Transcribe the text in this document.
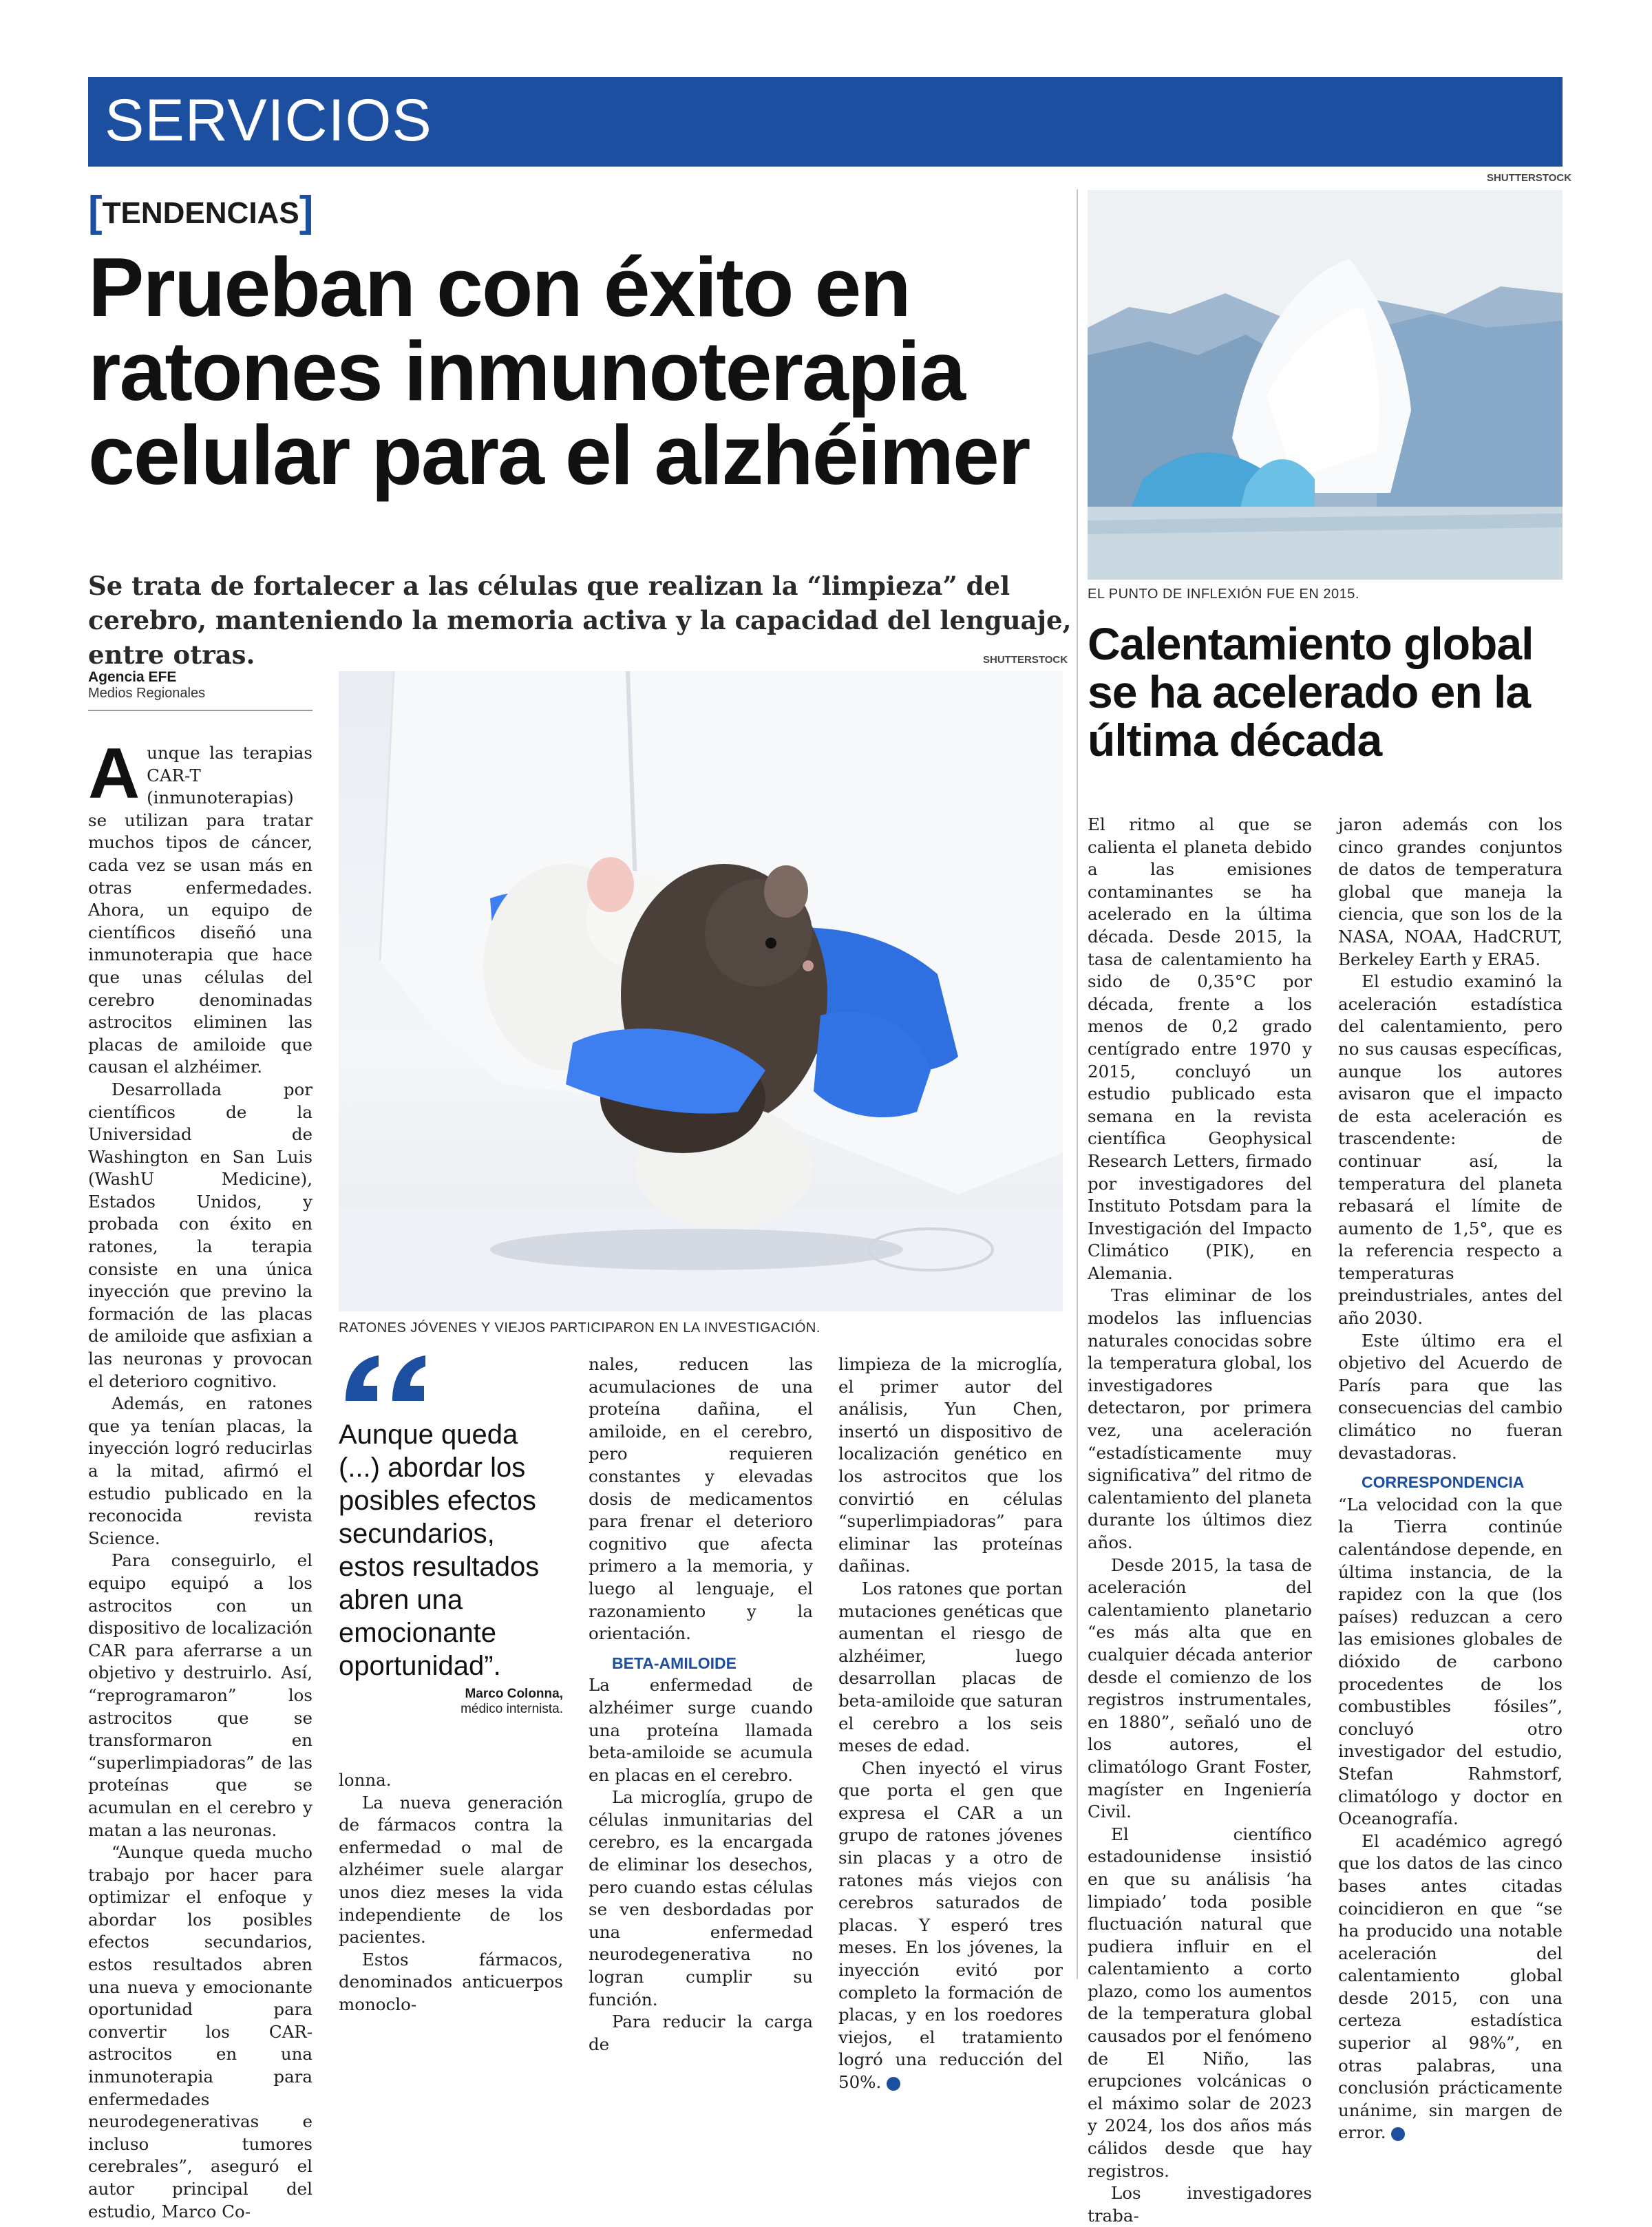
SERVICIOS
[TENDENCIAS]
Prueban con éxito en ratones inmunoterapia celular para el alzhéimer
Se trata de fortalecer a las células que realizan la “limpieza” del cerebro, manteniendo la memoria activa y la capacidad del lenguaje, entre otras.	SHUTTERSTOCK
Agencia EFE
Medios Regionales

Aunque las terapias CAR-T (inmunoterapias) se utilizan para tratar muchos tipos de cáncer, cada vez se usan más en otras enfermedades. Ahora, un equipo de científicos diseñó una inmunoterapia que hace que unas células del cerebro denominadas astrocitos eliminen las placas de amiloide que causan el alzhéimer.

Desarrollada por científicos de la Universidad de Washington en San Luis (WashU Medicine), Estados Unidos, y probada con éxito en ratones, la terapia consiste en una única inyección que previno la formación de las placas de amiloide que asfixian a las neuronas y provocan el deterioro cognitivo.

Además, en ratones que ya tenían placas, la inyección logró reducirlas a la mitad, afirmó el estudio publicado en la reconocida revista Science.

Para conseguirlo, el equipo equipó a los astrocitos con un dispositivo de localización CAR para aferrarse a un objetivo y destruirlo. Así, “reprogramaron” los astrocitos que se transformaron en “superlimpiadoras” de las proteínas que se acumulan en el cerebro y matan a las neuronas.

“Aunque queda mucho trabajo por hacer para optimizar el enfoque y abordar los posibles efectos secundarios, estos resultados abren una nueva y emocionante oportunidad para convertir los CAR-astrocitos en una inmunoterapia para enfermedades neurodegenerativas e incluso tumores cerebrales”, aseguró el autor principal del estudio, Marco Co-

RATONES JÓVENES Y VIEJOS PARTICIPARON EN LA INVESTIGACIÓN.
Aunque queda (...) abordar los posibles efectos secundarios, estos resultados abren una emocionante oportunidad”.
Marco Colonna,
médico internista.

lonna.

La nueva generación de fármacos contra la enfermedad o mal de alzhéimer suele alargar unos diez meses la vida independiente de los pacientes.

Estos fármacos, denominados anticuerpos monoclo-

nales, reducen las acumulaciones de una proteína dañina, el amiloide, en el cerebro, pero requieren constantes y elevadas dosis de medicamentos para frenar el deterioro cognitivo que afecta primero a la memoria, y luego al lenguaje, el razonamiento y la orientación.

BETA-AMILOIDE

La enfermedad de alzhéimer surge cuando una proteína llamada beta-amiloide se acumula en placas en el cerebro.

La microglía, grupo de células inmunitarias del cerebro, es la encargada de eliminar los desechos, pero cuando estas células se ven desbordadas por una enfermedad neurodegenerativa no logran cumplir su función.

Para reducir la carga de

limpieza de la microglía, el primer autor del análisis, Yun Chen, insertó un dispositivo de localización genético en los astrocitos que los convirtió en células “superlimpiadoras” para eliminar las proteínas dañinas.

Los ratones que portan mutaciones genéticas que aumentan el riesgo de alzhéimer, luego desarrollan placas de beta-amiloide que saturan el cerebro a los seis meses de edad.

Chen inyectó el virus que porta el gen que expresa el CAR a un grupo de ratones jóvenes sin placas y a otro de ratones más viejos con cerebros saturados de placas. Y esperó tres meses. En los jóvenes, la inyección evitó por completo la formación de placas, y en los roedores viejos, el tratamiento logró una reducción del 50%.	✚

SHUTTERSTOCK
EL PUNTO DE INFLEXIÓN FUE EN 2015.
Calentamiento global se ha acelerado en la última década

El ritmo al que se calienta el planeta debido a las emisiones contaminantes se ha acelerado en la última década. Desde 2015, la tasa de calentamiento ha sido de 0,35°C por década, frente a los menos de 0,2 grado centígrado entre 1970 y 2015, concluyó un estudio publicado esta semana en la revista científica Geophysical Research Letters, firmado por investigadores del Instituto Potsdam para la Investigación del Impacto Climático (PIK), en Alemania.

Tras eliminar de los modelos las influencias naturales conocidas sobre la temperatura global, los investigadores detectaron, por primera vez, una aceleración “estadísticamente muy significativa” del ritmo de calentamiento del planeta durante los últimos diez años.

Desde 2015, la tasa de aceleración del calentamiento planetario “es más alta que en cualquier década anterior desde el comienzo de los registros instrumentales, en 1880”, señaló uno de los autores, el climatólogo Grant Foster, magíster en Ingeniería Civil.

El científico estadounidense insistió en que su análisis ‘ha limpiado’ toda posible fluctuación natural que pudiera influir en el calentamiento a corto plazo, como los aumentos de la temperatura global causados por el fenómeno de El Niño, las erupciones volcánicas o el máximo solar de 2023 y 2024, los dos años más cálidos desde que hay registros.

Los investigadores traba-

jaron además con los cinco grandes conjuntos de datos de temperatura global que maneja la ciencia, que son los de la NASA, NOAA, HadCRUT, Berkeley Earth y ERA5.

El estudio examinó la aceleración estadística del calentamiento, pero no sus causas específicas, aunque los autores avisaron que el impacto de esta aceleración es trascendente: de continuar así, la temperatura del planeta rebasará el límite de aumento de 1,5°, que es la referencia respecto a temperaturas preindustriales, antes del año 2030.

Este último era el objetivo del Acuerdo de París para que las consecuencias del cambio climático no fueran devastadoras.

CORRESPONDENCIA

“La velocidad con la que la Tierra continúe calentándose depende, en última instancia, de la rapidez con la que (los países) reduzcan a cero las emisiones globales de dióxido de carbono procedentes de los combustibles fósiles”, concluyó otro investigador del estudio, Stefan Rahmstorf, climatólogo y doctor en Oceanografía.

El académico agregó que los datos de las cinco bases antes citadas coincidieron en que “se ha producido una notable aceleración del calentamiento global desde 2015, con una certeza estadística superior al 98%”, en otras palabras, una conclusión prácticamente unánime, sin margen de error.	✚
